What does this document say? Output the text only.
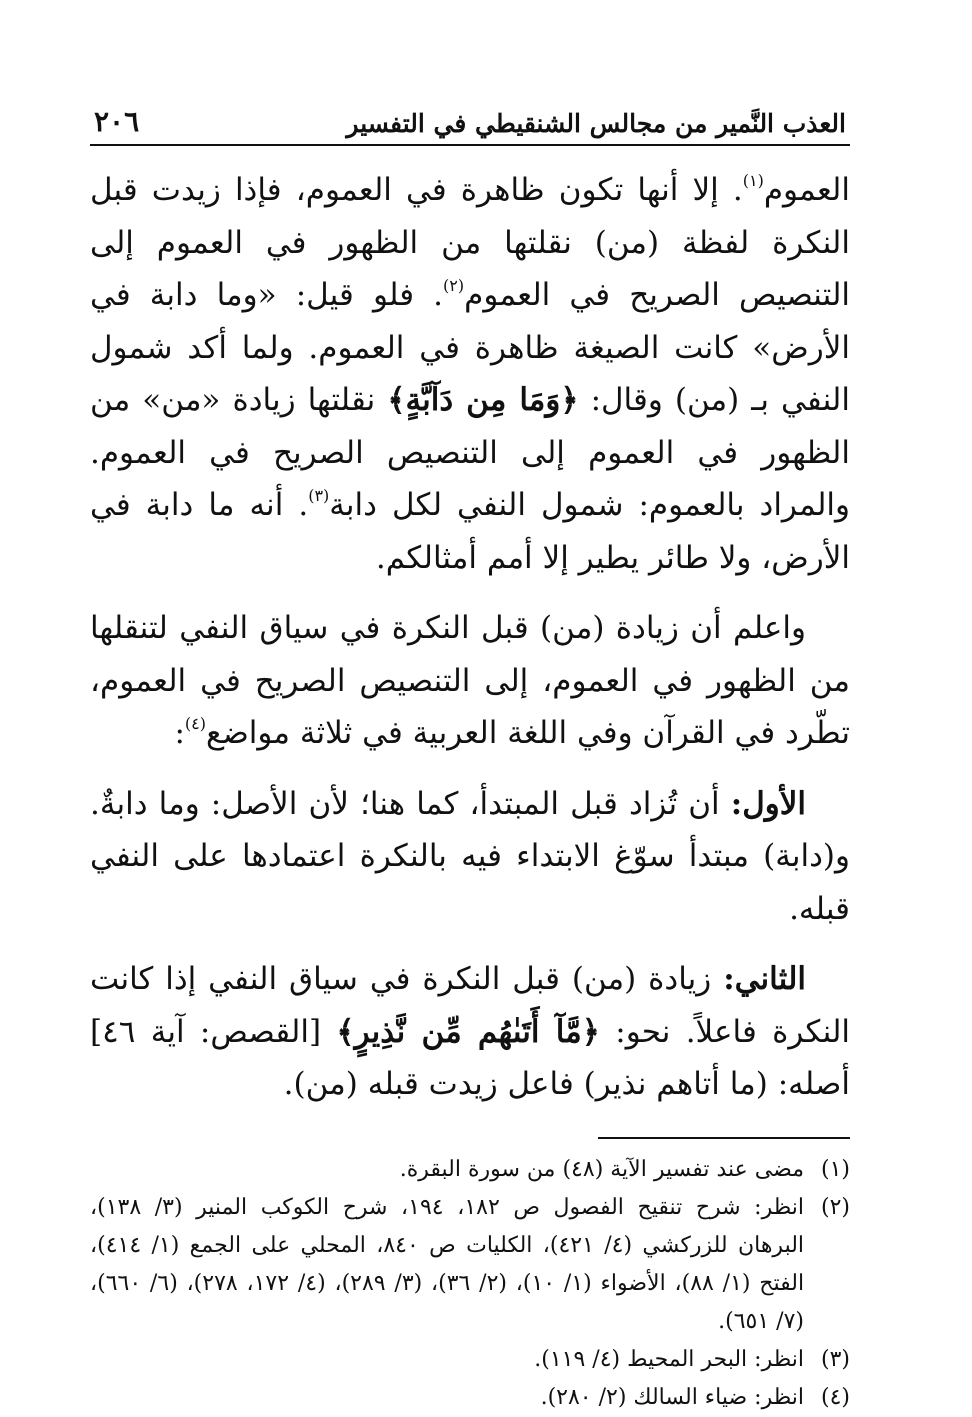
العذب النَّمير من مجالس الشنقيطي في التفسير
٢٠٦

العموم$^{(١)}$. إلا أنها تكون ظاهرة في العموم، فإذا زيدت قبل النكرة لفظة (من) نقلتها من الظهور في العموم إلى التنصيص الصريح في العموم$^{(٢)}$. فلو قيل: «وما دابة في الأرض» كانت الصيغة ظاهرة في العموم. ولما أكد شمول النفي بـ (من) وقال: ﴿وَمَا مِن دَآبَّةٍ﴾ نقلتها زيادة «من» من الظهور في العموم إلى التنصيص الصريح في العموم. والمراد بالعموم: شمول النفي لكل دابة$^{(٣)}$. أنه ما دابة في الأرض، ولا طائر يطير إلا أمم أمثالكم.

واعلم أن زيادة (من) قبل النكرة في سياق النفي لتنقلها من الظهور في العموم، إلى التنصيص الصريح في العموم، تطّرد في القرآن وفي اللغة العربية في ثلاثة مواضع$^{(٤)}$:

الأول: أن تُزاد قبل المبتدأ، كما هنا؛ لأن الأصل: وما دابةٌ. و(دابة) مبتدأ سوّغ الابتداء فيه بالنكرة اعتمادها على النفي قبله.

الثاني: زيادة (من) قبل النكرة في سياق النفي إذا كانت النكرة فاعلاً. نحو: ﴿مَّآ أَتَىٰهُم مِّن نَّذِيرٍ﴾ [القصص: آية ٤٦] أصله: (ما أتاهم نذير) فاعل زيدت قبله (من).

(١)
مضى عند تفسير الآية (٤٨) من سورة البقرة.
(٢)
انظر: شرح تنقيح الفصول ص ١٨٢، ١٩٤، شرح الكوكب المنير (٣/ ١٣٨)، البرهان للزركشي (٤/ ٤٢١)، الكليات ص ٨٤٠، المحلي على الجمع (١/ ٤١٤)، الفتح (١/ ٨٨)، الأضواء (١/ ١٠)، (٢/ ٣٦)، (٣/ ٢٨٩)، (٤/ ١٧٢، ٢٧٨)، (٦/ ٦٦٠)، (٧/ ٦٥١).
(٣)
انظر: البحر المحيط (٤/ ١١٩).
(٤)
انظر: ضياء السالك (٢/ ٢٨٠).
